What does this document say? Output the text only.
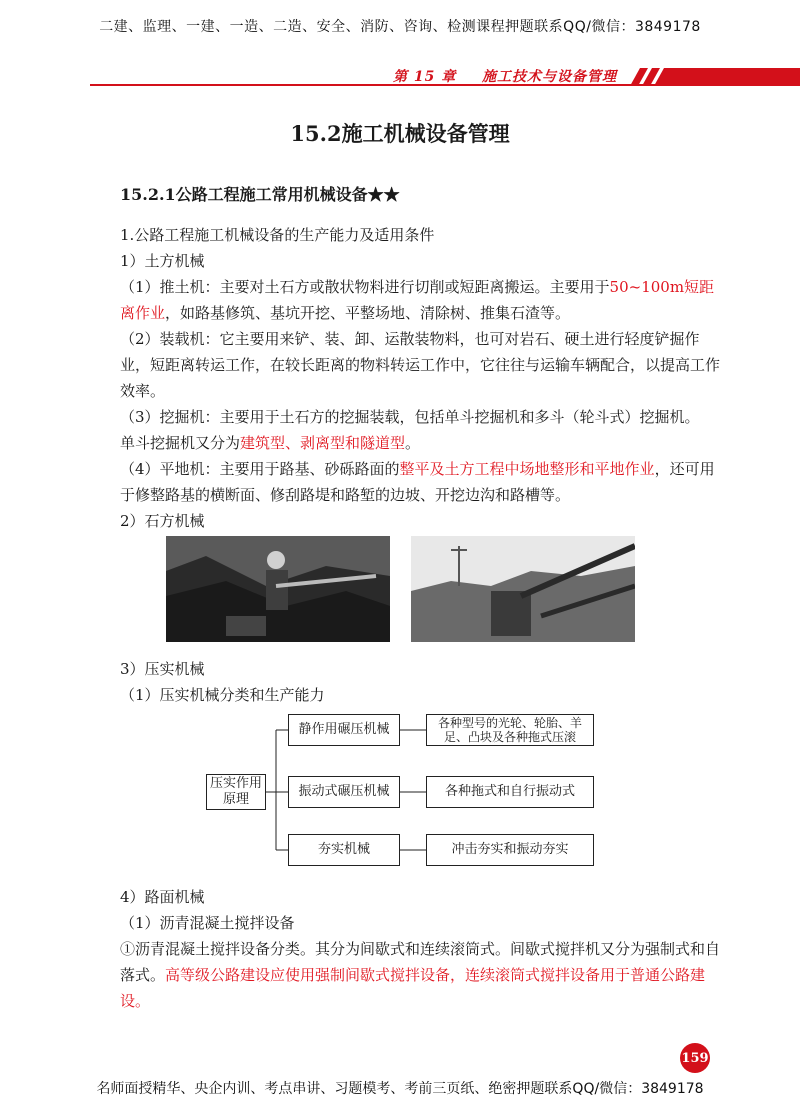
二建、监理、一建、一造、二造、安全、消防、咨询、检测课程押题联系QQ/微信：3849178
第 15 章 施工技术与设备管理
15.2施工机械设备管理
15.2.1公路工程施工常用机械设备★★

1.公路工程施工机械设备的生产能力及适用条件

1）土方机械

（1）推土机：主要对土石方或散状物料进行切削或短距离搬运。主要用于50~100m短距离作业，如路基修筑、基坑开挖、平整场地、清除树、推集石渣等。

（2）装载机：它主要用来铲、装、卸、运散装物料，也可对岩石、硬土进行轻度铲掘作业，短距离转运工作，在较长距离的物料转运工作中，它往往与运输车辆配合，以提高工作效率。

（3）挖掘机：主要用于土石方的挖掘装载，包括单斗挖掘机和多斗（轮斗式）挖掘机。

单斗挖掘机又分为建筑型、剥离型和隧道型。

（4）平地机：主要用于路基、砂砾路面的整平及土方工程中场地整形和平地作业，还可用于修整路基的横断面、修刮路堤和路堑的边坡、开挖边沟和路槽等。

2）石方机械

3）压实机械

（1）压实机械分类和生产能力

压实作用原理
静作用碾压机械	各种型号的光轮、轮胎、羊足、凸块及各种拖式压滚
振动式碾压机械	各种拖式和自行振动式
夯实机械	冲击夯实和振动夯实

4）路面机械

（1）沥青混凝土搅拌设备

①沥青混凝土搅拌设备分类。其分为间歇式和连续滚筒式。间歇式搅拌机又分为强制式和自落式。高等级公路建设应使用强制间歇式搅拌设备，连续滚筒式搅拌设备用于普通公路建设。

159
名师面授精华、央企内训、考点串讲、习题模考、考前三页纸、绝密押题联系QQ/微信：3849178
